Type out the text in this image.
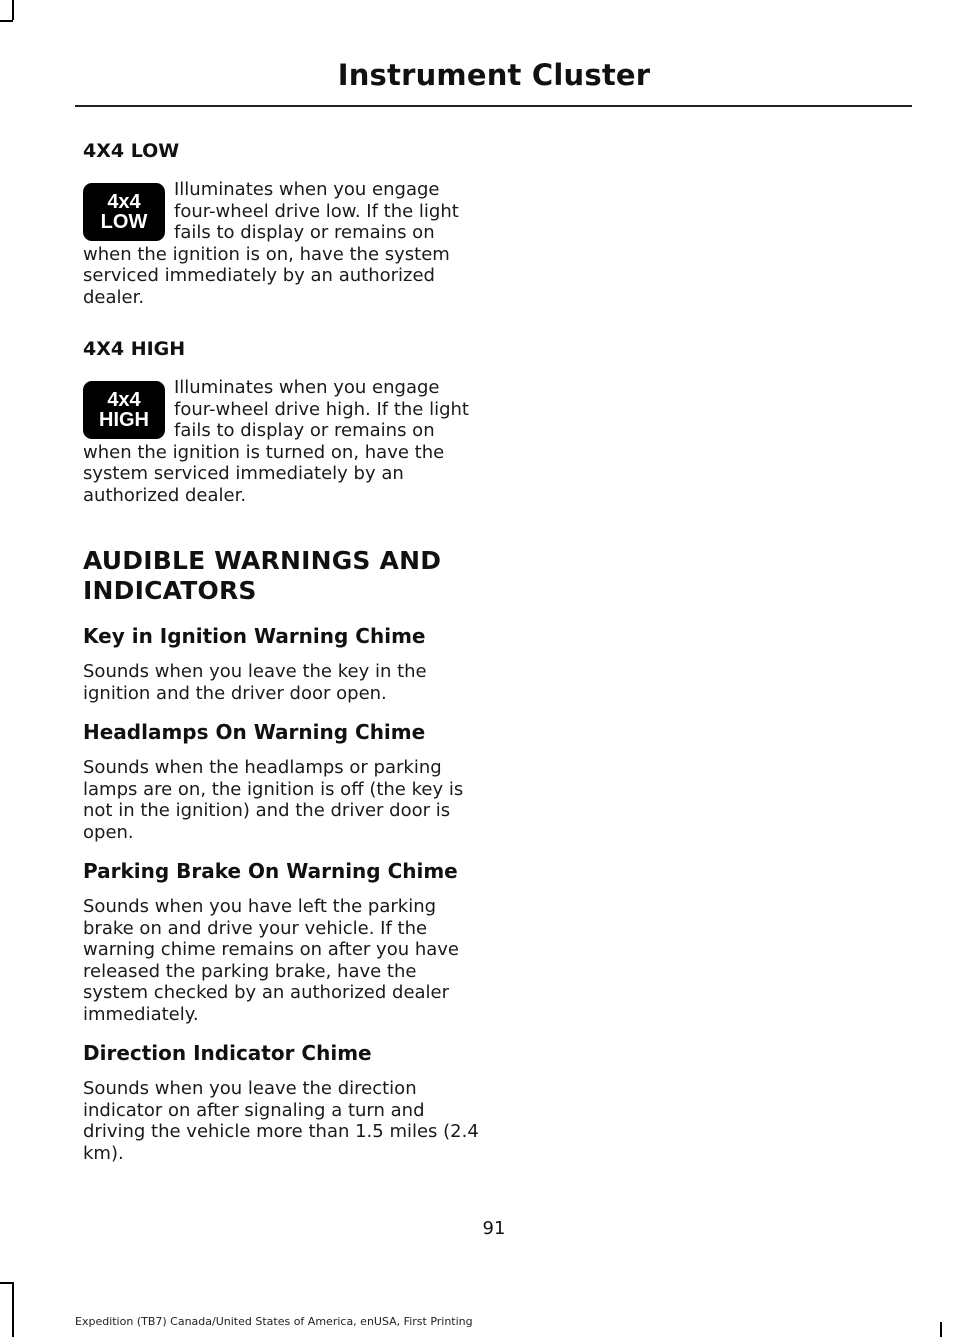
Instrument Cluster
4X4 LOW
4x4
LOW

Illuminates when you engage four-wheel drive low. If the light fails to display or remains on when the ignition is on, have the system serviced immediately by an authorized dealer.

4X4 HIGH
4x4
HIGH

Illuminates when you engage four-wheel drive high. If the light fails to display or remains on when the ignition is turned on, have the system serviced immediately by an authorized dealer.

AUDIBLE WARNINGS AND
INDICATORS
Key in Ignition Warning Chime

Sounds when you leave the key in the ignition and the driver door open.

Headlamps On Warning Chime

Sounds when the headlamps or parking lamps are on, the ignition is off (the key is not in the ignition) and the driver door is open.

Parking Brake On Warning Chime

Sounds when you have left the parking brake on and drive your vehicle. If the warning chime remains on after you have released the parking brake, have the system checked by an authorized dealer immediately.

Direction Indicator Chime

Sounds when you leave the direction indicator on after signaling a turn and driving the vehicle more than 1.5 miles (2.4 km).

91
Expedition (TB7) Canada/United States of America, enUSA, First Printing
